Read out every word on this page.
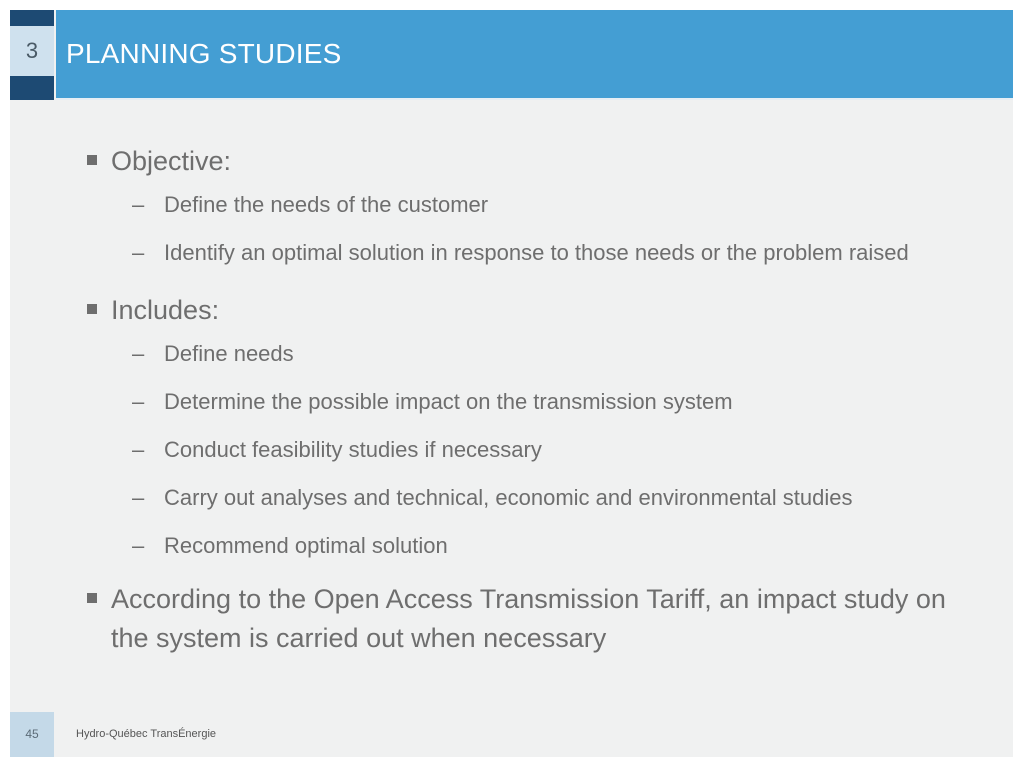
3 PLANNING STUDIES
Objective:
– Define the needs of the customer
– Identify an optimal solution in response to those needs or the problem raised
Includes:
– Define needs
– Determine the possible impact on the transmission system
– Conduct feasibility studies if necessary
– Carry out analyses and technical, economic and environmental studies
– Recommend optimal solution
According to the Open Access Transmission Tariff, an impact study on the system is carried out when necessary
45	Hydro-Québec TransÉnergie
